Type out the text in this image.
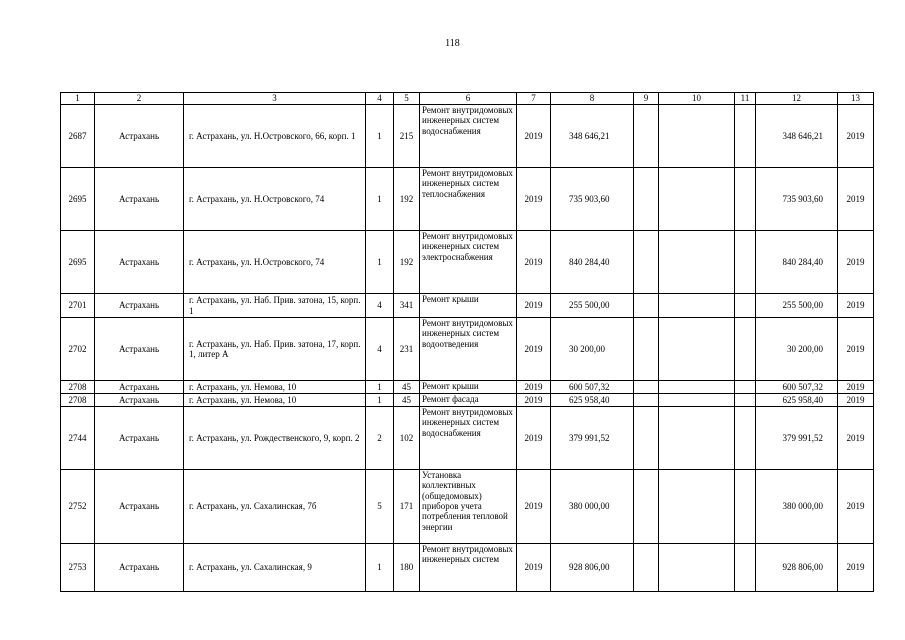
118
1	2	3	4	5	6	7	8	9	10	11	12	13
2687	Астрахань	г. Астрахань, ул. Н.Островского, 66, корп. 1	1	215	Ремонт внутридомовых инженерных систем водоснабжения	2019	348 646,21				348 646,21	2019
2695	Астрахань	г. Астрахань, ул. Н.Островского, 74	1	192	Ремонт внутридомовых инженерных систем теплоснабжения	2019	735 903,60				735 903,60	2019
2695	Астрахань	г. Астрахань, ул. Н.Островского, 74	1	192	Ремонт внутридомовых инженерных систем электроснабжения	2019	840 284,40				840 284,40	2019
2701	Астрахань	г. Астрахань, ул. Наб. Прив. затона, 15, корп. 1	4	341	Ремонт крыши	2019	255 500,00				255 500,00	2019
2702	Астрахань	г. Астрахань, ул. Наб. Прив. затона, 17, корп. 1, литер А	4	231	Ремонт внутридомовых инженерных систем водоотведения	2019	30 200,00				30 200,00	2019
2708	Астрахань	г. Астрахань, ул. Немова, 10	1	45	Ремонт крыши	2019	600 507,32				600 507,32	2019
2708	Астрахань	г. Астрахань, ул. Немова, 10	1	45	Ремонт фасада	2019	625 958,40				625 958,40	2019
2744	Астрахань	г. Астрахань, ул. Рождественского, 9, корп. 2	2	102	Ремонт внутридомовых инженерных систем водоснабжения	2019	379 991,52				379 991,52	2019
2752	Астрахань	г. Астрахань, ул. Сахалинская, 7б	5	171	Установка коллективных (общедомовых) приборов учета потребления тепловой энергии	2019	380 000,00				380 000,00	2019
2753	Астрахань	г. Астрахань, ул. Сахалинская, 9	1	180	Ремонт внутридомовых инженерных систем	2019	928 806,00				928 806,00	2019
